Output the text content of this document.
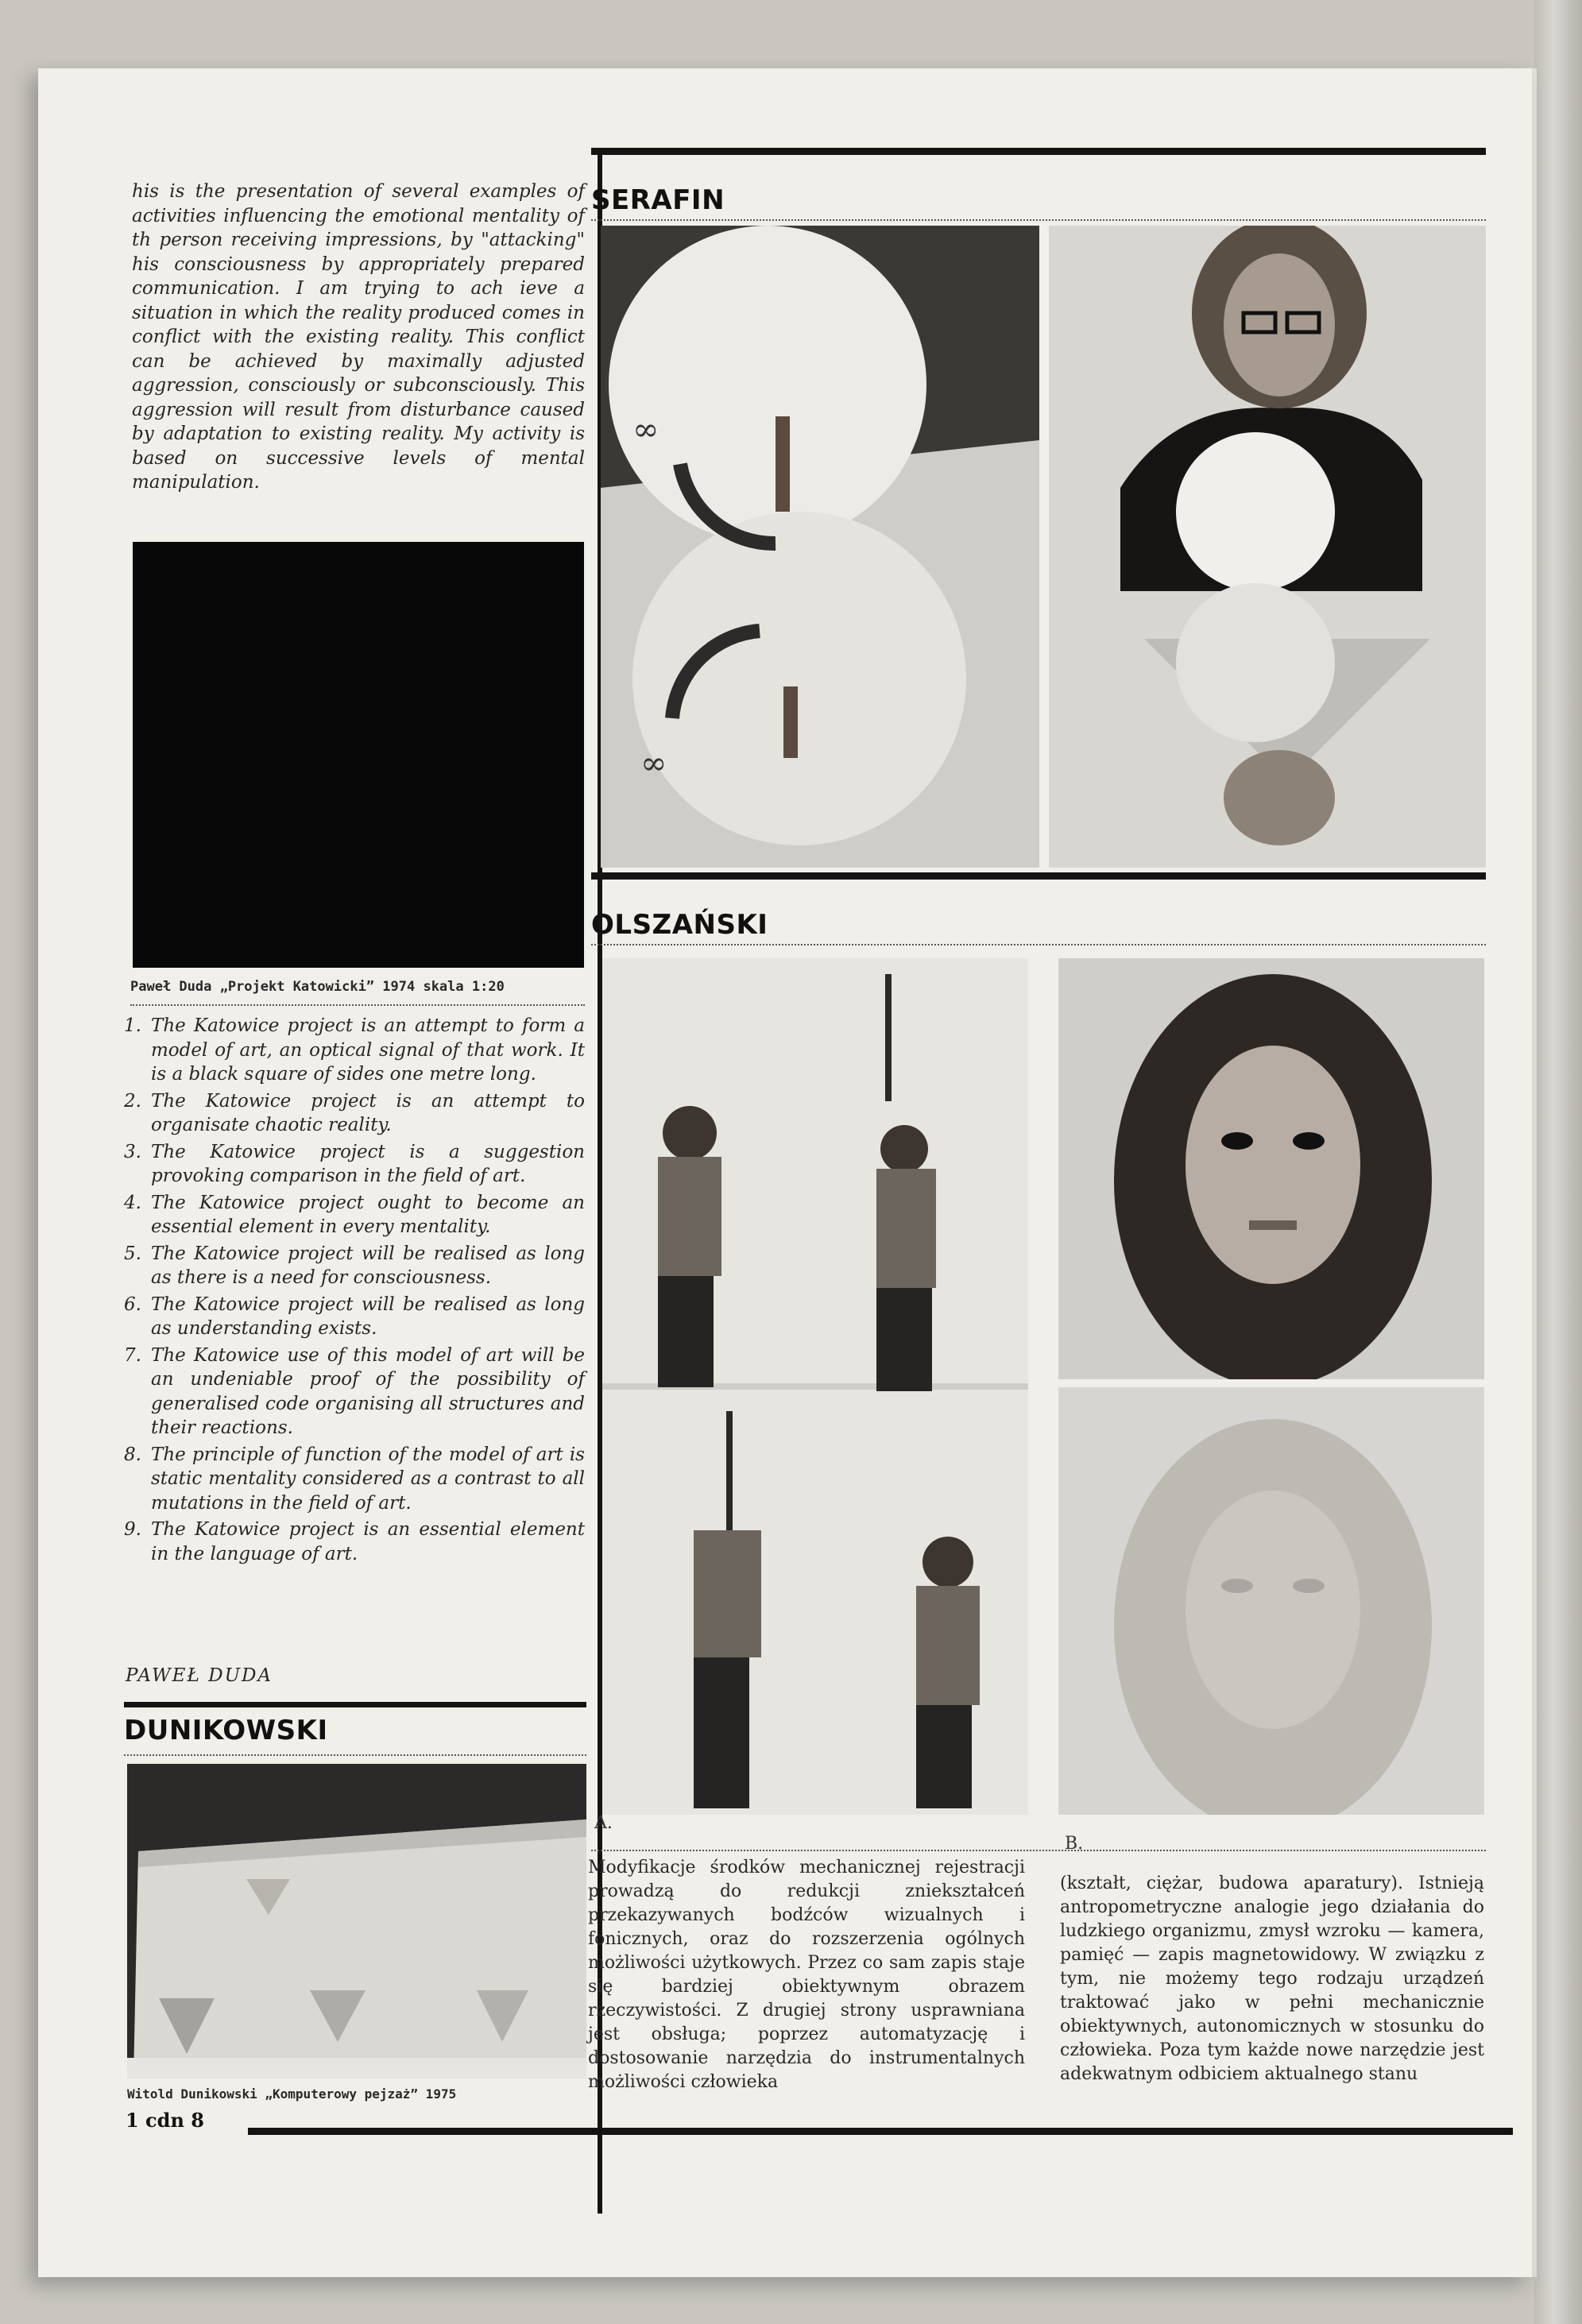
his is the presentation of several examples of activities influencing the emotional mentality of th person receiving impressions, by "attacking" his consciousness by appropriately prepared communication. I am trying to ach ieve a situation in which the reality produced comes in conflict with the existing reality. This conflict can be achieved by maximally adjusted aggression, consciously or subconsciously. This aggression will result from disturbance caused by adaptation to existing reality. My activity is based on successive levels of mental manipulation.
Paweł Duda „Projekt Katowicki” 1974 skala 1:20
1. The Katowice project is an attempt to form a model of art, an optical signal of that work. It is a black square of sides one metre long.
2. The Katowice project is an attempt to organisate chaotic reality.
3. The Katowice project is a suggestion provoking comparison in the field of art.
4. The Katowice project ought to become an essential element in every mentality.
5. The Katowice project will be realised as long as there is a need for consciousness.
6. The Katowice project will be realised as long as understanding exists.
7. The Katowice use of this model of art will be an undeniable proof of the possibility of generalised code organising all structures and their reactions.
8. The principle of function of the model of art is static mentality considered as a contrast to all mutations in the field of art.
9. The Katowice project is an essential element in the language of art.
PAWEŁ DUDA
DUNIKOWSKI
Witold Dunikowski „Komputerowy pejzaż” 1975
1 cdn 8
SERAFIN
∞
∞
OLSZAŃSKI
A.
B.
Modyfikacje środków mechanicznej rejestracji prowadzą do redukcji zniekształceń przekazywanych bodźców wizualnych i fonicznych, oraz do rozszerzenia ogólnych możliwości użytkowych. Przez co sam zapis staje się bardziej obiektywnym obrazem rzeczywistości. Z drugiej strony usprawniana jest obsługa; poprzez automatyzację i dostosowanie narzędzia do instrumentalnych możliwości człowieka
(kształt, ciężar, budowa aparatury). Istnieją antropometryczne analogie jego działania do ludzkiego organizmu, zmysł wzroku — kamera, pamięć — zapis magnetowidowy. W związku z tym, nie możemy tego rodzaju urządzeń traktować jako w pełni mechanicznie obiektywnych, autonomicznych w stosunku do człowieka. Poza tym każde nowe narzędzie jest adekwatnym odbiciem aktualnego stanu
